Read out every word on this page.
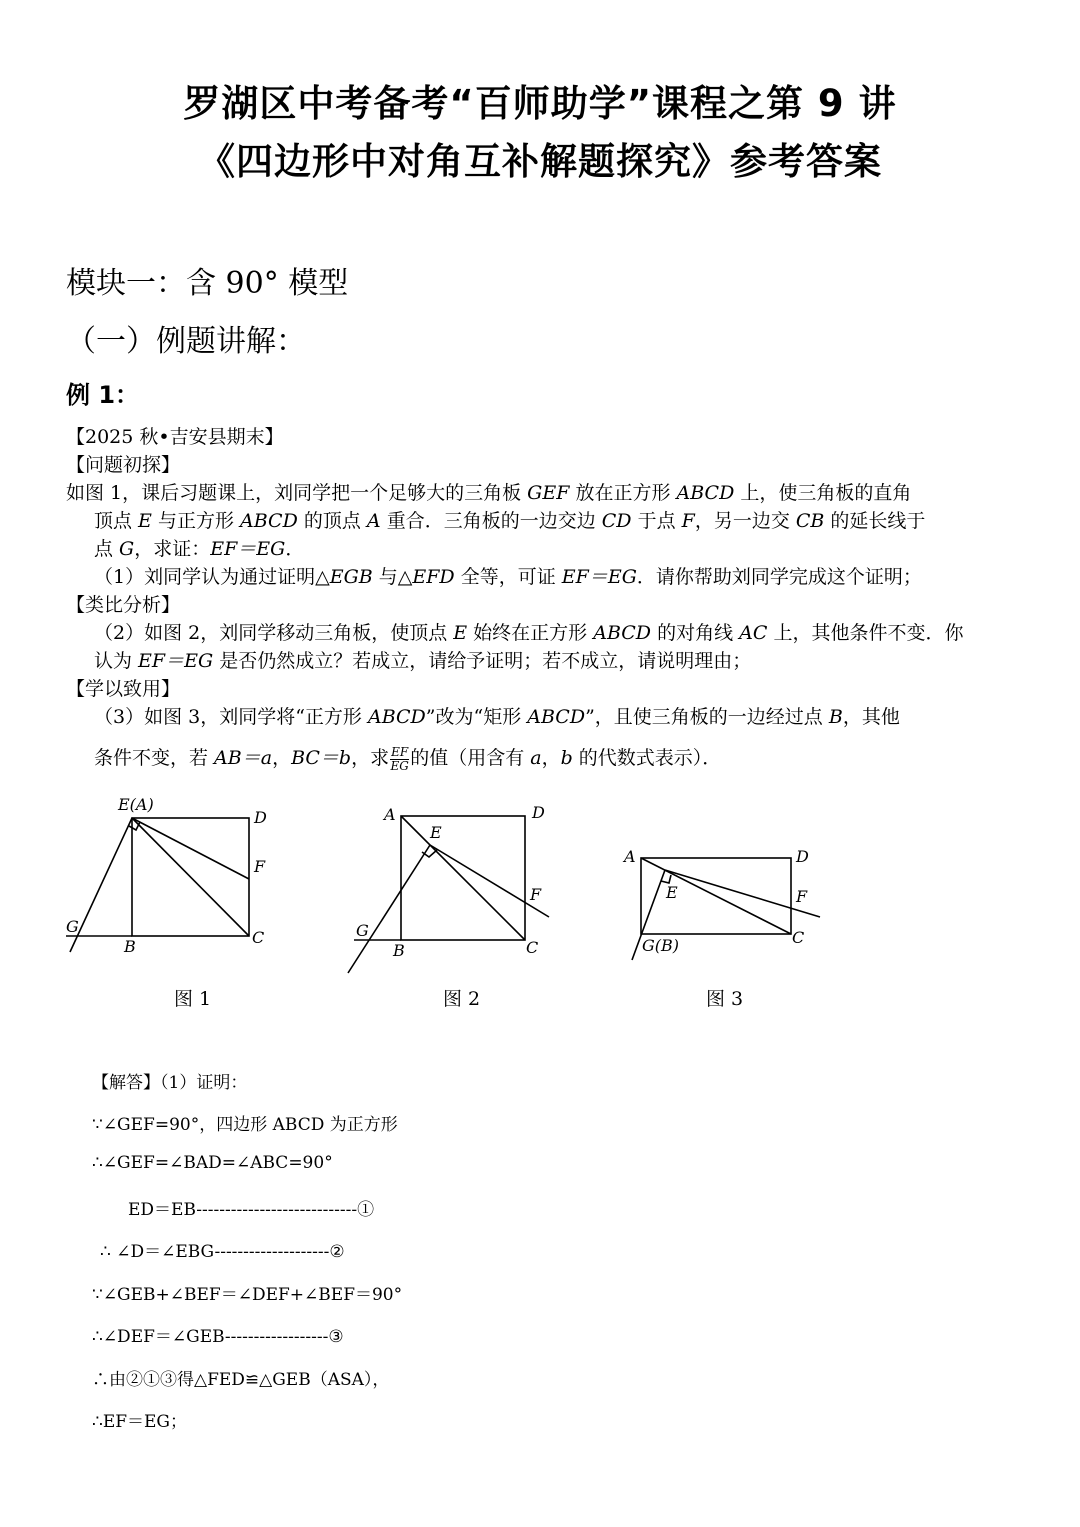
罗湖区中考备考“百师助学”课程之第 9 讲
《四边形中对角互补解题探究》参考答案
模块一：含 90° 模型
（一）例题讲解：
例 1：
【2025 秋•吉安县期末】
【问题初探】
如图 1，课后习题课上，刘同学把一个足够大的三角板 GEF 放在正方形 ABCD 上，使三角板的直角
顶点 E 与正方形 ABCD 的顶点 A 重合．三角板的一边交边 CD 于点 F，另一边交 CB 的延长线于
点 G，求证：EF＝EG．
（1）刘同学认为通过证明△EGB 与△EFD 全等，可证 EF＝EG．请你帮助刘同学完成这个证明；
【类比分析】
（2）如图 2，刘同学移动三角板，使顶点 E 始终在正方形 ABCD 的对角线 AC 上，其他条件不变．你
认为 EF＝EG 是否仍然成立？若成立，请给予证明；若不成立，请说明理由；
【学以致用】
（3）如图 3，刘同学将“正方形 ABCD”改为“矩形 ABCD”，且使三角板的一边经过点 B，其他
条件不变，若 AB＝a，BC＝b，求 $\frac{EF}{EG}$ 的值（用含有 a，b 的代数式表示）．
E(A)
D
F
G
B	C
图 1
A
E
D
F
G
B	C
图 2
A	D
E	F
G(B)	C
图 3
【解答】（1）证明：
∵∠GEF=90°，四边形 ABCD 为正方形
∴∠GEF=∠BAD=∠ABC=90°
ED＝EB----------------------------①
∴ ∠D＝∠EBG--------------------②
∵∠GEB+∠BEF＝∠DEF+∠BEF＝90°
∴∠DEF＝∠GEB------------------③
∴由②①③得△FED≌△GEB（ASA），
∴EF＝EG；
